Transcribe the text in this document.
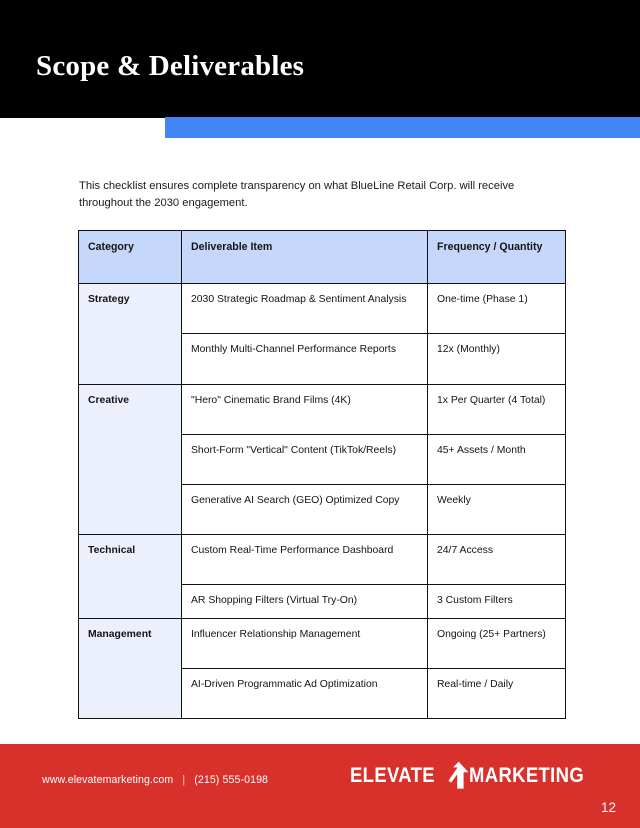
Scope & Deliverables

This checklist ensures complete transparency on what BlueLine Retail Corp. will receive throughout the 2030 engagement.

Category	Deliverable Item	Frequency / Quantity
Strategy	2030 Strategic Roadmap & Sentiment Analysis	One-time (Phase 1)
	Monthly Multi-Channel Performance Reports	12x (Monthly)
Creative	"Hero" Cinematic Brand Films (4K)	1x Per Quarter (4 Total)
	Short-Form "Vertical" Content (TikTok/Reels)	45+ Assets / Month
	Generative AI Search (GEO) Optimized Copy	Weekly
Technical	Custom Real-Time Performance Dashboard	24/7 Access
	AR Shopping Filters (Virtual Try-On)	3 Custom Filters
Management	Influencer Relationship Management	Ongoing (25+ Partners)
	AI-Driven Programmatic Ad Optimization	Real-time / Daily
www.elevatemarketing.com | (215) 555-0198	ELEVATE MARKETING
12
